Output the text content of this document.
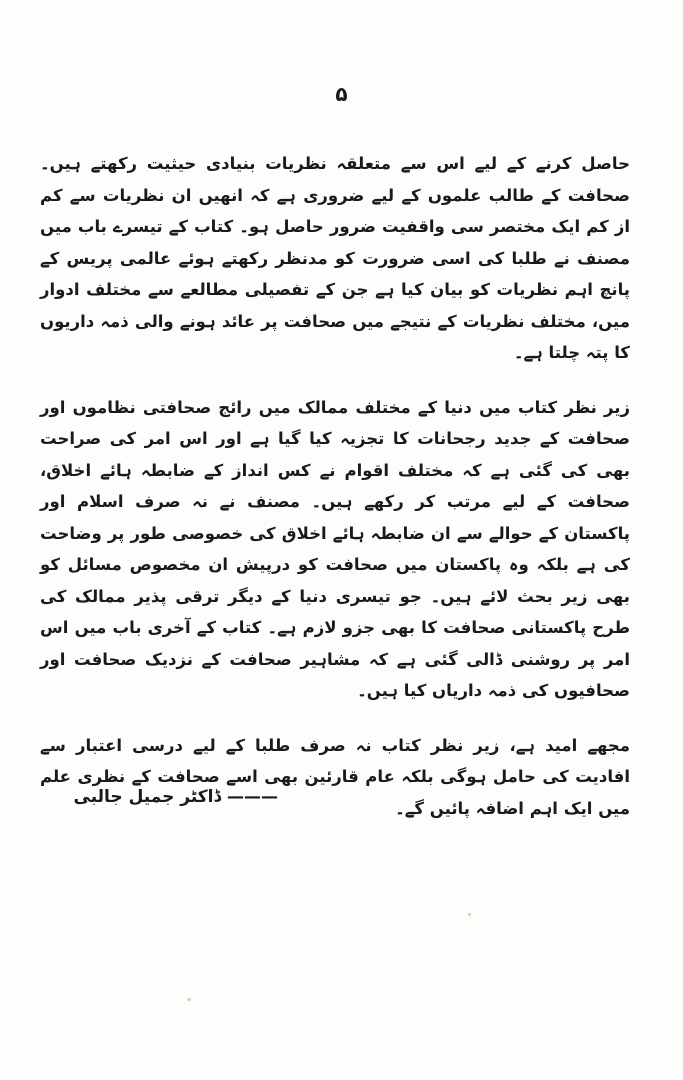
۵

حاصل کرنے کے لیے اس سے متعلقہ نظریات بنیادی حیثیت رکھتے ہیں۔ صحافت کے طالب علموں کے لیے ضروری ہے کہ انھیں ان نظریات سے کم از کم ایک مختصر سی واقفیت ضرور حاصل ہو۔ کتاب کے تیسرے باب میں مصنف نے طلبا کی اسی ضرورت کو مدنظر رکھتے ہوئے عالمی پریس کے پانچ اہم نظریات کو بیان کیا ہے جن کے تفصیلی مطالعے سے مختلف ادوار میں، مختلف نظریات کے نتیجے میں صحافت پر عائد ہونے والی ذمہ داریوں کا پتہ چلتا ہے۔

زیر نظر کتاب میں دنیا کے مختلف ممالک میں رائج صحافتی نظاموں اور صحافت کے جدید رجحانات کا تجزیہ کیا گیا ہے اور اس امر کی صراحت بھی کی گئی ہے کہ مختلف اقوام نے کس انداز کے ضابطہ ہائے اخلاق، صحافت کے لیے مرتب کر رکھے ہیں۔ مصنف نے نہ صرف اسلام اور پاکستان کے حوالے سے ان ضابطہ ہائے اخلاق کی خصوصی طور پر وضاحت کی ہے بلکہ وہ پاکستان میں صحافت کو درپیش ان مخصوص مسائل کو بھی زیر بحث لائے ہیں۔ جو تیسری دنیا کے دیگر ترقی پذیر ممالک کی طرح پاکستانی صحافت کا بھی جزو لازم ہے۔ کتاب کے آخری باب میں اس امر پر روشنی ڈالی گئی ہے کہ مشاہیر صحافت کے نزدیک صحافت اور صحافیوں کی ذمہ داریاں کیا ہیں۔

مجھے امید ہے، زیر نظر کتاب نہ صرف طلبا کے لیے درسی اعتبار سے افادیت کی حامل ہوگی بلکہ عام قارئین بھی اسے صحافت کے نظری علم میں ایک اہم اضافہ پائیں گے۔

——— ڈاکٹر جمیل جالبی
